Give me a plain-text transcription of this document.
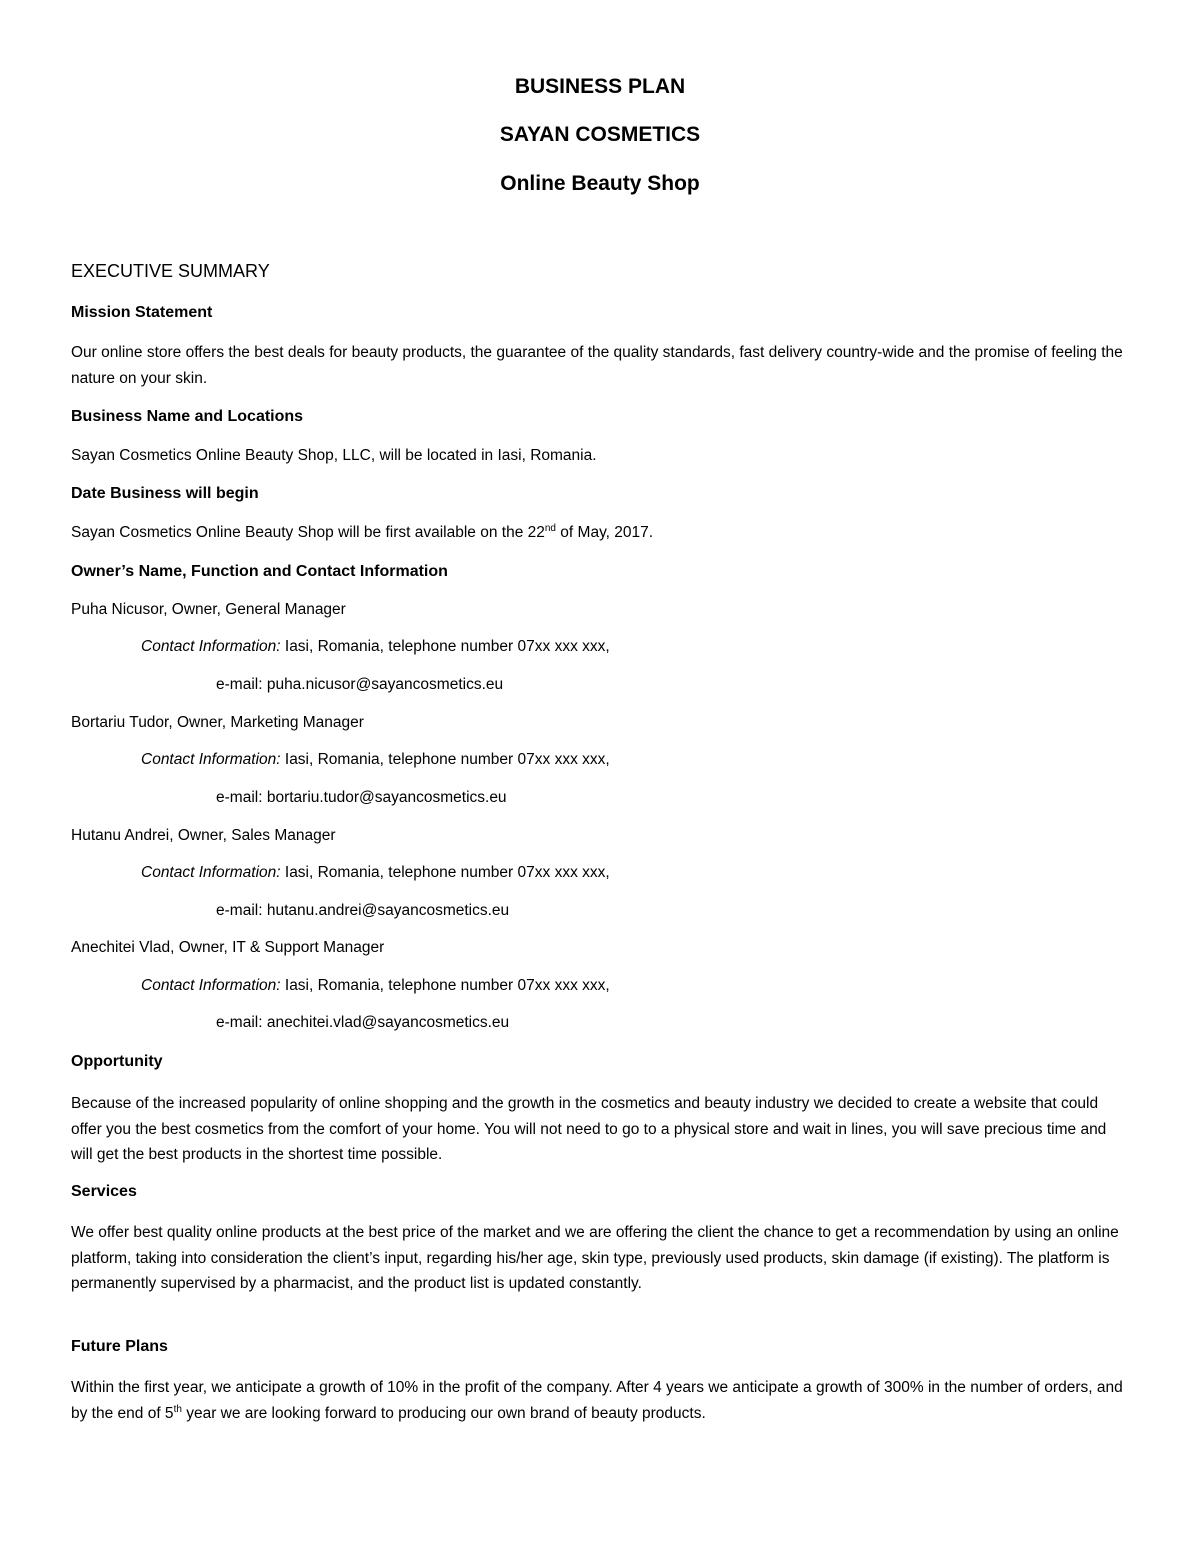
BUSINESS PLAN

SAYAN COSMETICS

Online Beauty Shop

EXECUTIVE SUMMARY

Mission Statement

Our online store offers the best deals for beauty products, the guarantee of the quality standards, fast delivery country-wide and the promise of feeling the nature on your skin.

Business Name and Locations

Sayan Cosmetics Online Beauty Shop, LLC, will be located in Iasi, Romania.

Date Business will begin

Sayan Cosmetics Online Beauty Shop will be first available on the 22nd of May, 2017.

Owner’s Name, Function and Contact Information

Puha Nicusor, Owner, General Manager

Contact Information: Iasi, Romania, telephone number 07xx xxx xxx,

e-mail: puha.nicusor@sayancosmetics.eu

Bortariu Tudor, Owner, Marketing Manager

Contact Information: Iasi, Romania, telephone number 07xx xxx xxx,

e-mail: bortariu.tudor@sayancosmetics.eu

Hutanu Andrei, Owner, Sales Manager

Contact Information: Iasi, Romania, telephone number 07xx xxx xxx,

e-mail: hutanu.andrei@sayancosmetics.eu

Anechitei Vlad, Owner, IT & Support Manager

Contact Information: Iasi, Romania, telephone number 07xx xxx xxx,

e-mail: anechitei.vlad@sayancosmetics.eu

Opportunity

Because of the increased popularity of online shopping and the growth in the cosmetics and beauty industry we decided to create a website that could offer you the best cosmetics from the comfort of your home. You will not need to go to a physical store and wait in lines, you will save precious time and will get the best products in the shortest time possible.

Services

We offer best quality online products at the best price of the market and we are offering the client the chance to get a recommendation by using an online platform, taking into consideration the client’s input, regarding his/her age, skin type, previously used products, skin damage (if existing). The platform is permanently supervised by a pharmacist, and the product list is updated constantly.

Future Plans

Within the first year, we anticipate a growth of 10% in the profit of the company. After 4 years we anticipate a growth of 300% in the number of orders, and by the end of 5th year we are looking forward to producing our own brand of beauty products.
